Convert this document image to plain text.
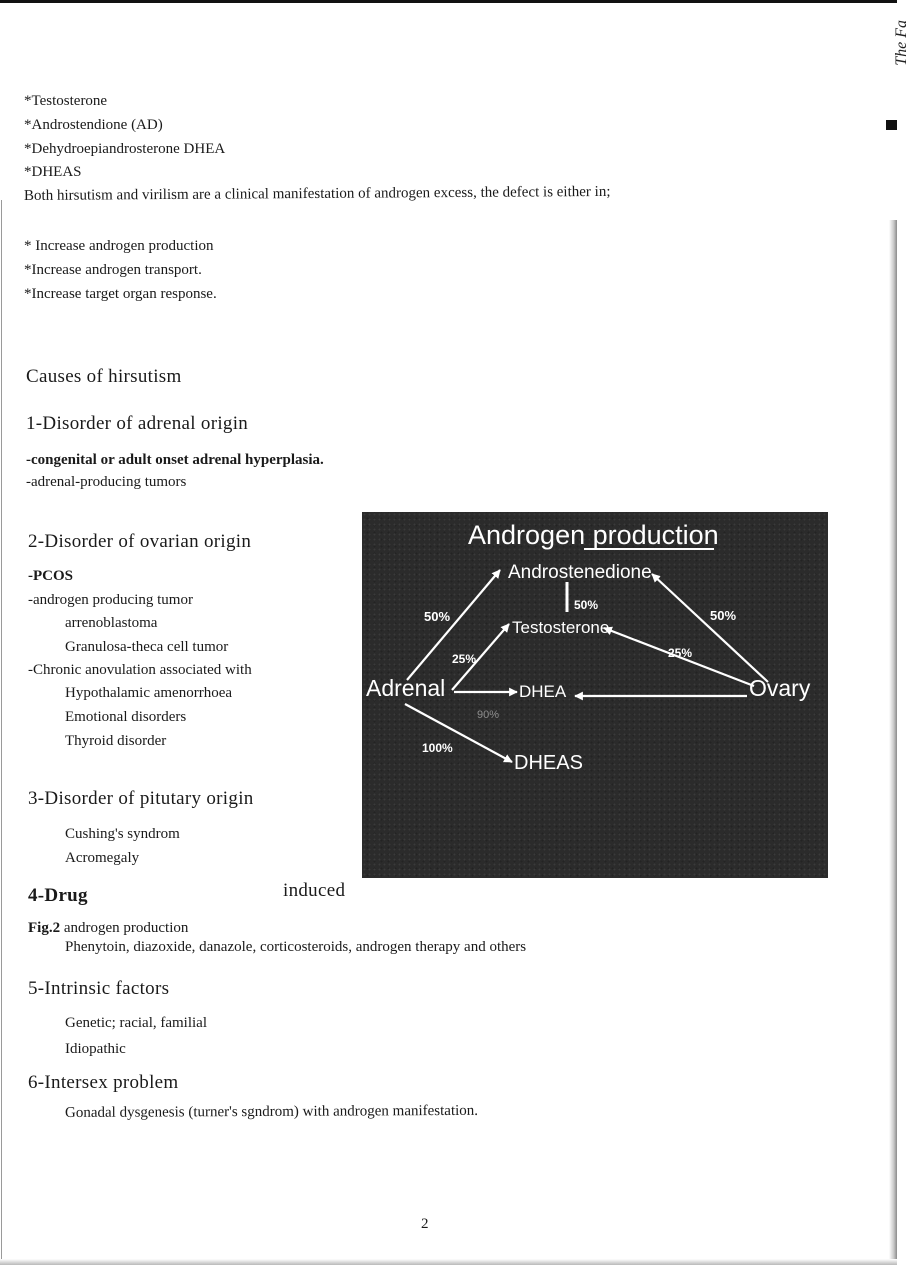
The Fa
*Testosterone
*Androstendione (AD)
*Dehydroepiandrosterone DHEA
*DHEAS
Both hirsutism and virilism are a clinical manifestation of androgen excess, the defect is either in;
* Increase androgen production
*Increase androgen transport.
*Increase target organ response.
Causes of hirsutism
1-Disorder of adrenal origin
-congenital or adult onset adrenal hyperplasia.
-adrenal-producing tumors
2-Disorder of ovarian origin
-PCOS
-androgen producing tumor
arrenoblastoma
Granulosa-theca cell tumor
-Chronic anovulation associated with
Hypothalamic amenorrhoea
Emotional disorders
Thyroid disorder
3-Disorder of pitutary origin
Cushing's syndrom
Acromegaly
4-Drug	induced
Fig.2 androgen production
Phenytoin, diazoxide, danazole, corticosteroids, androgen therapy and others
5-Intrinsic factors
Genetic; racial, familial
Idiopathic
6-Intersex problem
Gonadal dysgenesis (turner's sgndrom) with androgen manifestation.
2
Androgen production
Androstenedione
Testosterone
DHEA
DHEAS
Adrenal	Ovary
50%
50%
50%
25%	25%
90%
100%
